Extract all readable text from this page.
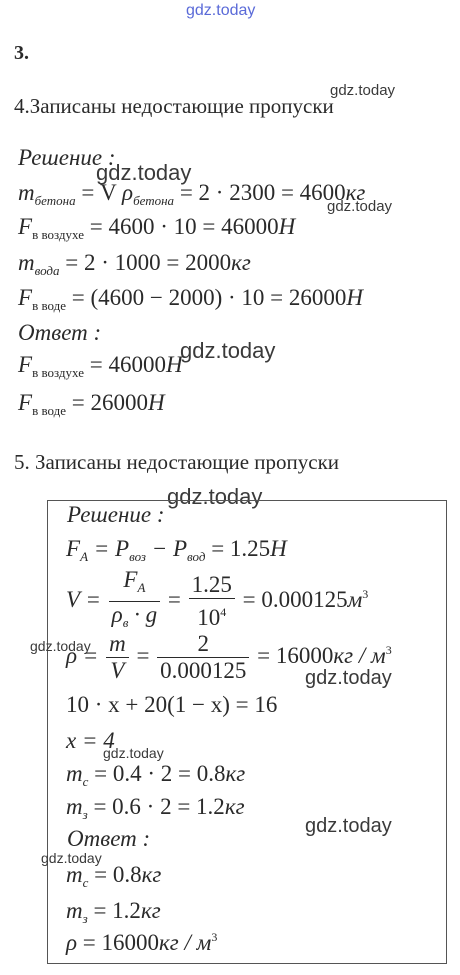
gdz.today
3.
gdz.today
4.Записаны недостающие пропуски
Решение :
gdz.today
$m_{бетона} = V$ $\rho_{бетона} = 2 \cdot 2300 = 4600кг$
gdz.today
$F_{в воздухе} = 4600 \cdot 10 = 46000Н$
$m_{вода} = 2 \cdot 1000 = 2000кг$
$F_{в воде} = (4600 - 2000) \cdot 10 = 26000Н$
Ответ :
gdz.today
$F_{в воздухе} = 46000Н$
$F_{в воде} = 26000Н$
5. Записаны недостающие пропуски
gdz.today
Решение :
$F_A = P_{воз} - P_{вод} = 1.25Н$
$V = \frac{F_A}{\rho_в \cdot g} = \frac{1.25}{10^4} = 0.000125м^3$
gdz.today
$\rho = \frac{m}{V} = \frac{2}{0.000125} = 16000кг / м^3$
gdz.today
10 · x + 20(1 − x) = 16
x = 4
gdz.today
$m_c = 0.4 \cdot 2 = 0.8кг$
$m_з = 0.6 \cdot 2 = 1.2кг$
gdz.today
Ответ :
gdz.today
$m_c = 0.8кг$
$m_з = 1.2кг$
$\rho = 16000кг / м^3$
